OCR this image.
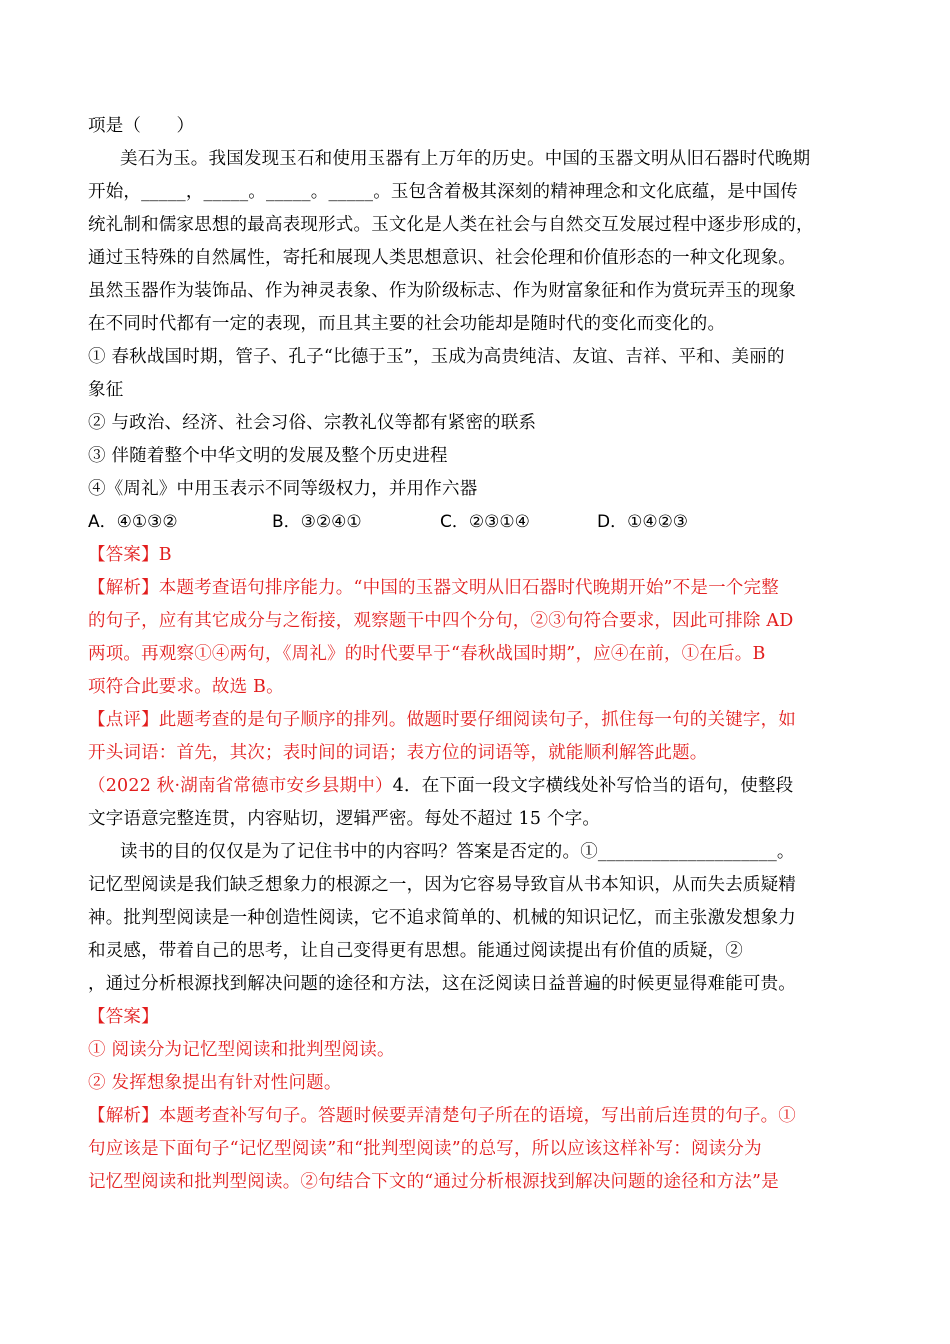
项是（　　）
美石为玉。我国发现玉石和使用玉器有上万年的历史。中国的玉器文明从旧石器时代晚期
开始，_____，_____。_____。_____。玉包含着极其深刻的精神理念和文化底蕴，是中国传
统礼制和儒家思想的最高表现形式。玉文化是人类在社会与自然交互发展过程中逐步形成的，
通过玉特殊的自然属性，寄托和展现人类思想意识、社会伦理和价值形态的一种文化现象。
虽然玉器作为装饰品、作为神灵表象、作为阶级标志、作为财富象征和作为赏玩弄玉的现象
在不同时代都有一定的表现，而且其主要的社会功能却是随时代的变化而变化的。
① 春秋战国时期，管子、孔子“比德于玉”，玉成为高贵纯洁、友谊、吉祥、平和、美丽的
象征
② 与政治、经济、社会习俗、宗教礼仪等都有紧密的联系
③ 伴随着整个中华文明的发展及整个历史进程
④《周礼》中用玉表示不同等级权力，并用作六器
A．④①③②	B．③②④①	C．②③①④	D．①④②③
【答案】B
【解析】本题考查语句排序能力。“中国的玉器文明从旧石器时代晚期开始”不是一个完整
的句子，应有其它成分与之衔接，观察题干中四个分句，②③句符合要求，因此可排除 AD
两项。再观察①④两句，《周礼》的时代要早于“春秋战国时期”，应④在前，①在后。B
项符合此要求。故选 B。
【点评】此题考查的是句子顺序的排列。做题时要仔细阅读句子，抓住每一句的关键字，如
开头词语：首先，其次；表时间的词语；表方位的词语等，就能顺利解答此题。
（2022 秋·湖南省常德市安乡县期中）4．在下面一段文字横线处补写恰当的语句，使整段
文字语意完整连贯，内容贴切，逻辑严密。每处不超过 15 个字。
读书的目的仅仅是为了记住书中的内容吗？答案是否定的。①____________________。
记忆型阅读是我们缺乏想象力的根源之一，因为它容易导致盲从书本知识，从而失去质疑精
神。批判型阅读是一种创造性阅读，它不追求简单的、机械的知识记忆，而主张激发想象力
和灵感，带着自己的思考，让自己变得更有思想。能通过阅读提出有价值的质疑，②
，通过分析根源找到解决问题的途径和方法，这在泛阅读日益普遍的时候更显得难能可贵。
【答案】
① 阅读分为记忆型阅读和批判型阅读。
② 发挥想象提出有针对性问题。
【解析】本题考查补写句子。答题时候要弄清楚句子所在的语境，写出前后连贯的句子。①
句应该是下面句子“记忆型阅读”和“批判型阅读”的总写，所以应该这样补写：阅读分为
记忆型阅读和批判型阅读。②句结合下文的“通过分析根源找到解决问题的途径和方法”是
